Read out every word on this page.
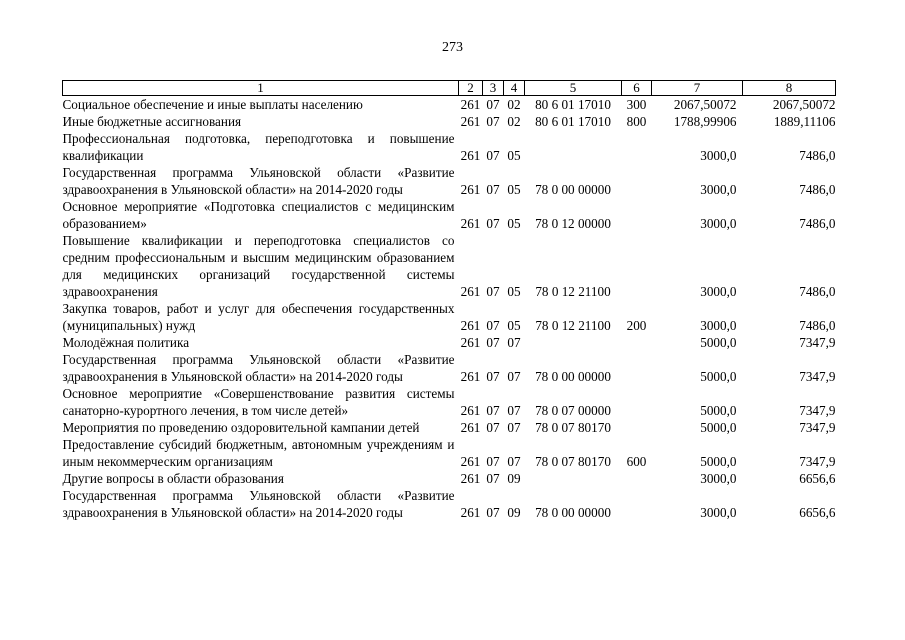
273
1	2	3	4	5	6	7	8
Социальное обеспечение и иные выплаты населению	261	07	02	80 6 01 17010	300	2067,50072	2067,50072
Иные бюджетные ассигнования	261	07	02	80 6 01 17010	800	1788,99906	1889,11106
Профессиональная подготовка, переподготовка и повышение квалификации	261	07	05			3000,0	7486,0
Государственная программа Ульяновской области «Развитие здравоохранения в Ульяновской области» на 2014-2020 годы	261	07	05	78 0 00 00000		3000,0	7486,0
Основное мероприятие «Подготовка специалистов с медицинским образованием»	261	07	05	78 0 12 00000		3000,0	7486,0
Повышение квалификации и переподготовка специалистов со средним профессиональным и высшим медицинским образованием для медицинских организаций государственной системы здравоохранения	261	07	05	78 0 12 21100		3000,0	7486,0
Закупка товаров, работ и услуг для обеспечения государственных (муниципальных) нужд	261	07	05	78 0 12 21100	200	3000,0	7486,0
Молодёжная политика	261	07	07			5000,0	7347,9
Государственная программа Ульяновской области «Развитие здравоохранения в Ульяновской области» на 2014-2020 годы	261	07	07	78 0 00 00000		5000,0	7347,9
Основное мероприятие «Совершенствование развития системы санаторно-курортного лечения, в том числе детей»	261	07	07	78 0 07 00000		5000,0	7347,9
Мероприятия по проведению оздоровительной кампании детей	261	07	07	78 0 07 80170		5000,0	7347,9
Предоставление субсидий бюджетным, автономным учреждениям и иным некоммерческим организациям	261	07	07	78 0 07 80170	600	5000,0	7347,9
Другие вопросы в области образования	261	07	09			3000,0	6656,6
Государственная программа Ульяновской области «Развитие здравоохранения в Ульяновской области» на 2014-2020 годы	261	07	09	78 0 00 00000		3000,0	6656,6
